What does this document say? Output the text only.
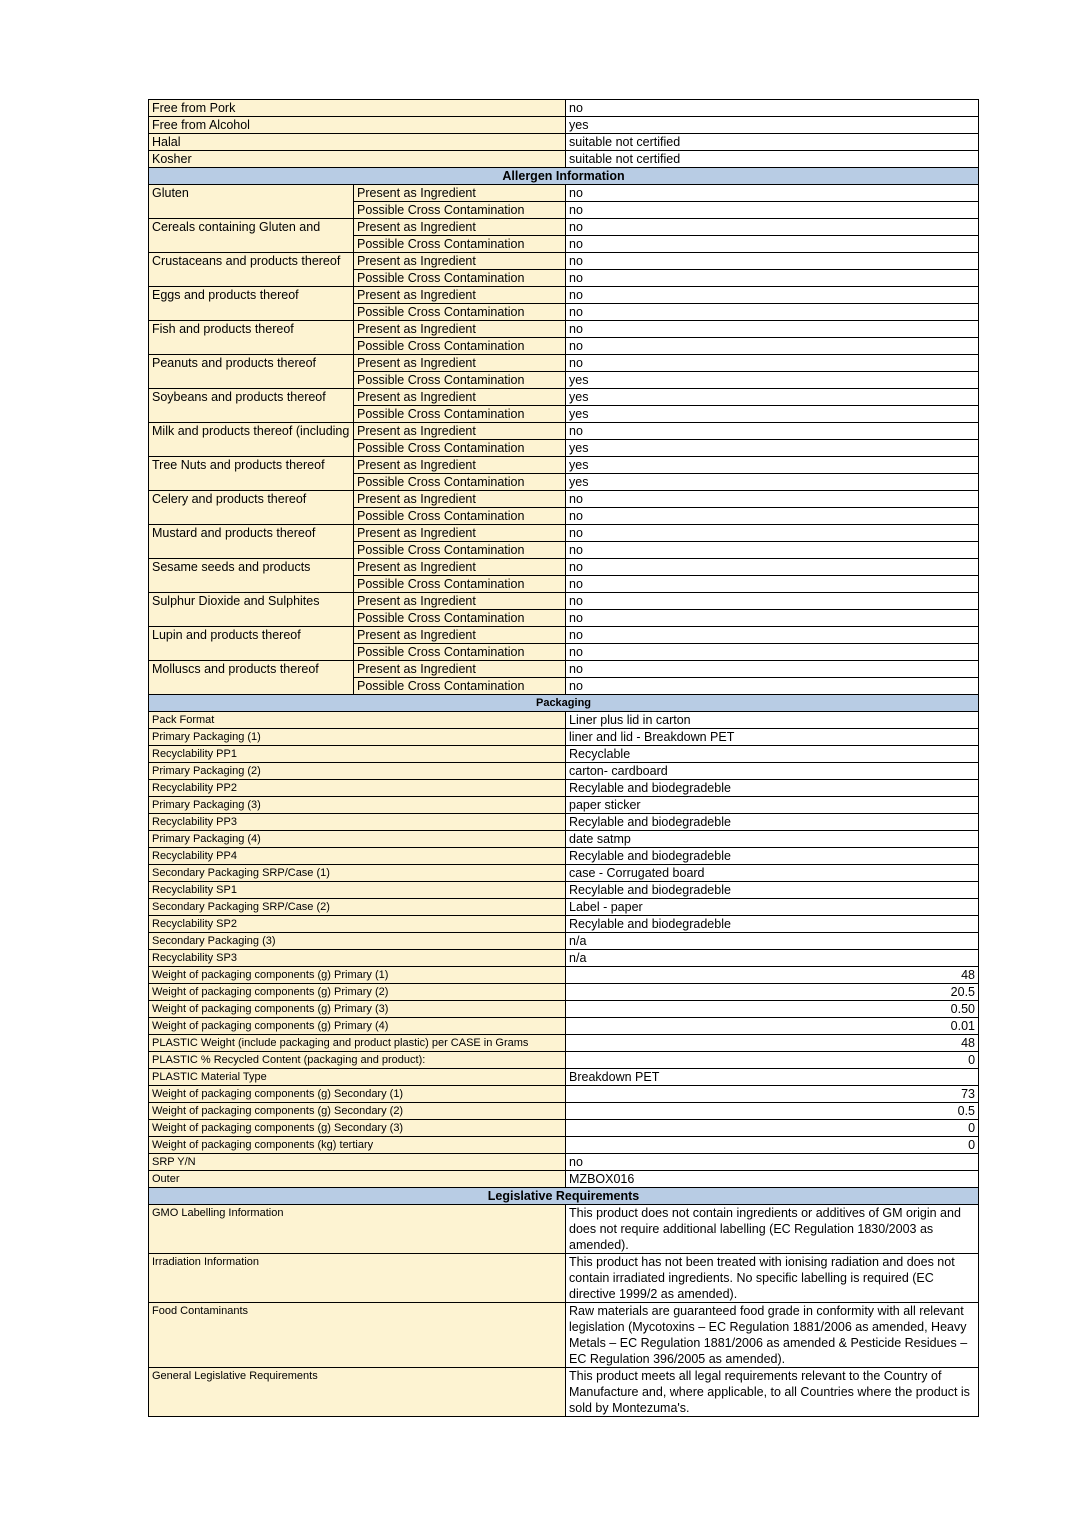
Free from Pork		no
Free from Alcohol		yes
Halal		suitable not certified
Kosher		suitable not certified
Allergen Information		
Gluten	Present as Ingredient	no
	Possible Cross Contamination	no
Cereals containing Gluten and	Present as Ingredient	no
	Possible Cross Contamination	no
Crustaceans and products thereof	Present as Ingredient	no
	Possible Cross Contamination	no
Eggs and products thereof	Present as Ingredient	no
	Possible Cross Contamination	no
Fish and products thereof	Present as Ingredient	no
	Possible Cross Contamination	no
Peanuts and products thereof	Present as Ingredient	no
	Possible Cross Contamination	yes
Soybeans and products thereof	Present as Ingredient	yes
	Possible Cross Contamination	yes
Milk and products thereof (including	Present as Ingredient	no
	Possible Cross Contamination	yes
Tree Nuts and products thereof	Present as Ingredient	yes
	Possible Cross Contamination	yes
Celery and products thereof	Present as Ingredient	no
	Possible Cross Contamination	no
Mustard and products thereof	Present as Ingredient	no
	Possible Cross Contamination	no
Sesame seeds and products	Present as Ingredient	no
	Possible Cross Contamination	no
Sulphur Dioxide and Sulphites	Present as Ingredient	no
	Possible Cross Contamination	no
Lupin and products thereof	Present as Ingredient	no
	Possible Cross Contamination	no
Molluscs and products thereof	Present as Ingredient	no
	Possible Cross Contamination	no
Packaging		
Pack Format		Liner plus lid in carton
Primary Packaging (1)		liner and lid - Breakdown PET
Recyclability PP1		Recyclable
Primary Packaging (2)		carton- cardboard
Recyclability PP2		Recylable and biodegradeble
Primary Packaging (3)		paper sticker
Recyclability PP3		Recylable and biodegradeble
Primary Packaging (4)		date satmp
Recyclability PP4		Recylable and biodegradeble
Secondary Packaging SRP/Case (1)		case - Corrugated board
Recyclability SP1		Recylable and biodegradeble
Secondary Packaging SRP/Case (2)		Label - paper
Recyclability SP2		Recylable and biodegradeble
Secondary Packaging (3)		n/a
Recyclability SP3		n/a
Weight of packaging components (g) Primary (1)		48
Weight of packaging components (g) Primary (2)		20.5
Weight of packaging components (g) Primary (3)		0.50
Weight of packaging components (g) Primary (4)		0.01
PLASTIC Weight (include packaging and product plastic) per CASE in Grams		48
PLASTIC % Recycled Content (packaging and product):		0
PLASTIC Material Type		Breakdown PET
Weight of packaging components (g) Secondary (1)		73
Weight of packaging components (g) Secondary (2)		0.5
Weight of packaging components (g) Secondary (3)		0
Weight of packaging components (kg) tertiary		0
SRP Y/N		no
Outer		MZBOX016
Legislative Requirements		
GMO Labelling Information		This product does not contain ingredients or additives of GM origin and does not require additional labelling (EC Regulation 1830/2003 as amended).
Irradiation Information		This product has not been treated with ionising radiation and does not contain irradiated ingredients. No specific labelling is required (EC directive 1999/2 as amended).
Food Contaminants		Raw materials are guaranteed food grade in conformity with all relevant legislation (Mycotoxins – EC Regulation 1881/2006 as amended, Heavy Metals – EC Regulation 1881/2006 as amended & Pesticide Residues – EC Regulation 396/2005 as amended).
General Legislative Requirements		This product meets all legal requirements relevant to the Country of Manufacture and, where applicable, to all Countries where the product is sold by Montezuma's.
